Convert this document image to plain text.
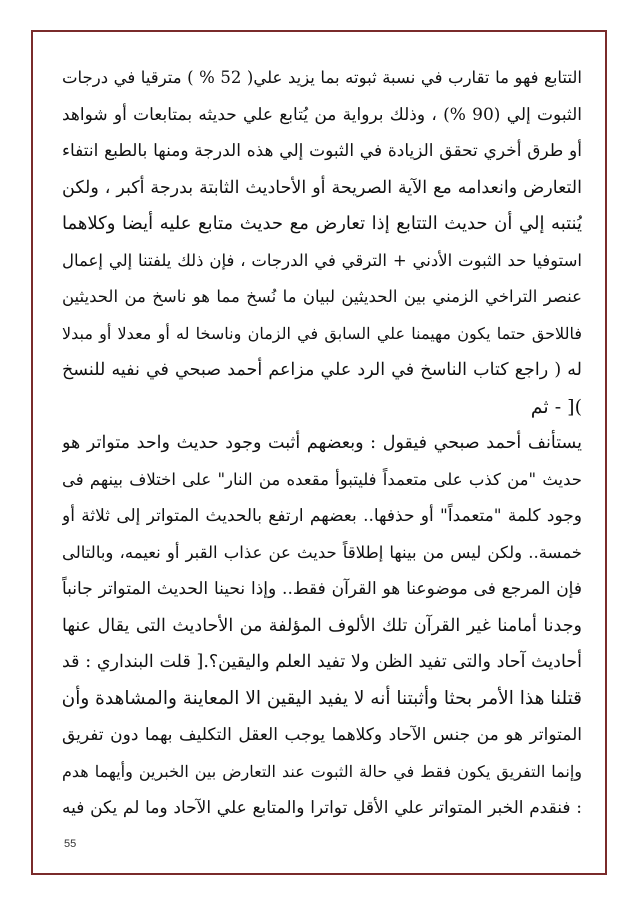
التتابع فهو ما تقارب في نسبة ثبوته بما يزيد علي( 52 % ) مترقيا في درجات
الثبوت إلي (90 %) ، وذلك برواية من يُتابع علي حديثه بمتابعات أو شواهد
أو طرق أخري تحقق الزيادة في الثبوت إلي هذه الدرجة ومنها بالطبع انتفاء
التعارض وانعدامه مع الآية الصريحة أو الأحاديث الثابتة بدرجة أكبر ، ولكن
يُنتبه إلي أن حديث التتابع إذا تعارض مع حديث متابع عليه أيضا وكلاهما
استوفيا حد الثبوت الأدني + الترقي في الدرجات ، فإن ذلك يلفتنا إلي إعمال
عنصر التراخي الزمني بين الحديثين لبيان ما نُسخ مما هو ناسخ من الحديثين
فاللاحق حتما يكون مهيمنا علي السابق في الزمان وناسخا له أو معدلا أو مبدلا
له ( راجع كتاب الناسخ في الرد علي مزاعم أحمد صبحي في نفيه للنسخ
)[ - ثم
يستأنف أحمد صبحي فيقول : وبعضهم أثبت وجود حديث واحد متواتر هو
حديث "من كذب على متعمداً فليتبوأ مقعده من النار" على اختلاف بينهم فى
وجود كلمة "متعمداً" أو حذفها.. بعضهم ارتفع بالحديث المتواتر إلى ثلاثة أو
خمسة.. ولكن ليس من بينها إطلاقاً حديث عن عذاب القبر أو نعيمه، وبالتالى
فإن المرجع فى موضوعنا هو القرآن فقط.. وإذا نحينا الحديث المتواتر جانباً
وجدنا أمامنا غير القرآن تلك الألوف المؤلفة من الأحاديث التى يقال عنها
أحاديث آحاد والتى تفيد الظن ولا تفيد العلم واليقين؟.[ قلت البنداري : قد
قتلنا هذا الأمر بحثا وأثبتنا أنه لا يفيد اليقين الا المعاينة والمشاهدة وأن
المتواتر هو من جنس الآحاد وكلاهما يوجب العقل التكليف بهما دون تفريق
وإنما التفريق يكون فقط في حالة الثبوت عند التعارض بين الخبرين وأيهما هدم
: فنقدم الخبر المتواتر علي الأقل تواترا والمتابع علي الآحاد وما لم يكن فيه
55
